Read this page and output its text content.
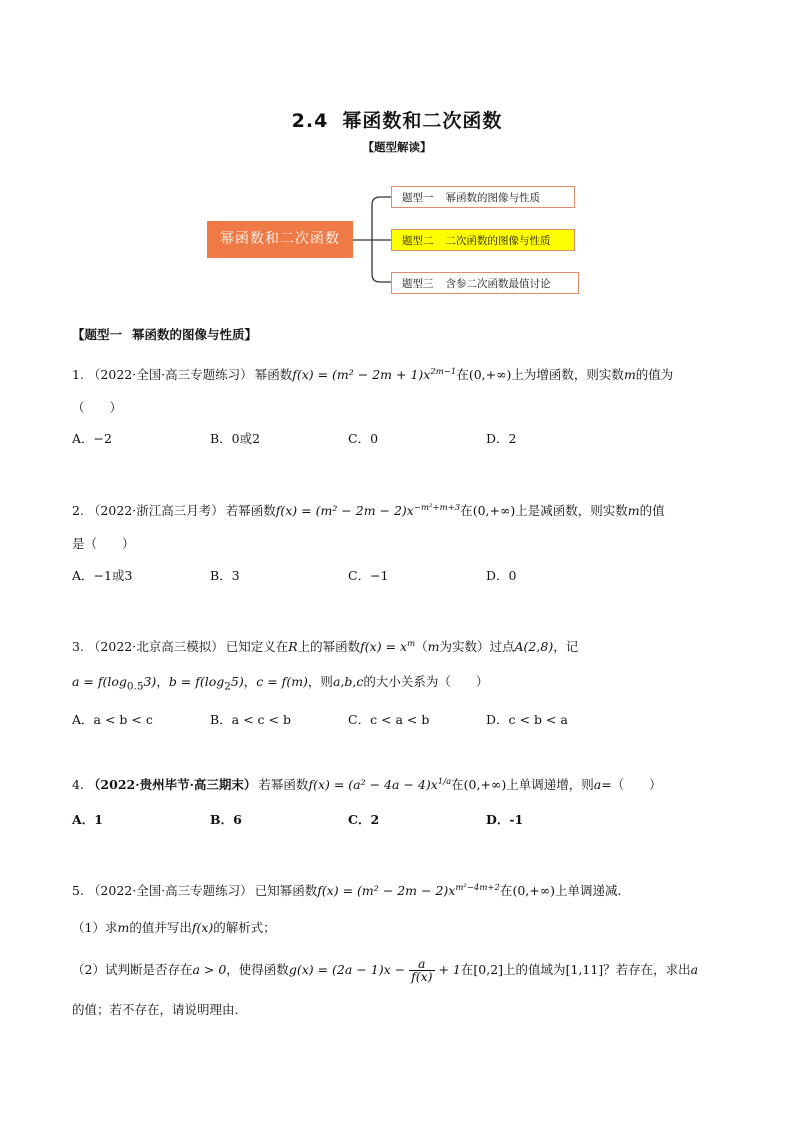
2.4 幂函数和二次函数
【题型解读】
幂函数和二次函数
题型一 幂函数的图像与性质
题型二 二次函数的图像与性质
题型三 含参二次函数最值讨论
【题型一 幂函数的图像与性质】
1. （2022·全国·高三专题练习） 幂函数$f(x) = (m^2 - 2m + 1)x^{2m-1}$在(0,+∞)上为增函数，则实数m的值为
（　　）
A．−2	B．0或2	C．0	D．2
2. （2022·浙江高三月考） 若幂函数$f(x) = (m^2 - 2m - 2)x^{-m^2+m+3}$在(0,+∞)上是减函数，则实数m的值
是（　　）
A．−1或3	B．3	C．−1	D．0
3. （2022·北京高三模拟） 已知定义在R上的幂函数$f(x) = x^m(m$为实数）过点A(2,8)，记
$a = f(\log_{0.5}3)$，$b = f(\log_25)$，c = f(m)，则a,b,c的大小关系为（　　）
A．a < b < c	B．a < c < b	C．c < a < b	D．c < b < a
4. （2022·贵州毕节·高三期末） 若幂函数$f(x) = (a^2 - 4a - 4)x^{1/a}$在(0,+∞)上单调递增，则a=（　　）
A．1	B．6	C．2	D．-1
5. （2022·全国·高三专题练习） 已知幂函数$f(x) = (m^2 - 2m - 2)x^{m^2-4m+2}$在(0,+∞)上单调递减.
（1）求m的值并写出f(x)的解析式；
（2）试判断是否存在a > 0，使得函数$g(x) = (2a - 1)x - \frac{a}{f(x)} + 1$在[0,2]上的值域为[1,11]？若存在，求出a
的值；若不存在，请说明理由.
